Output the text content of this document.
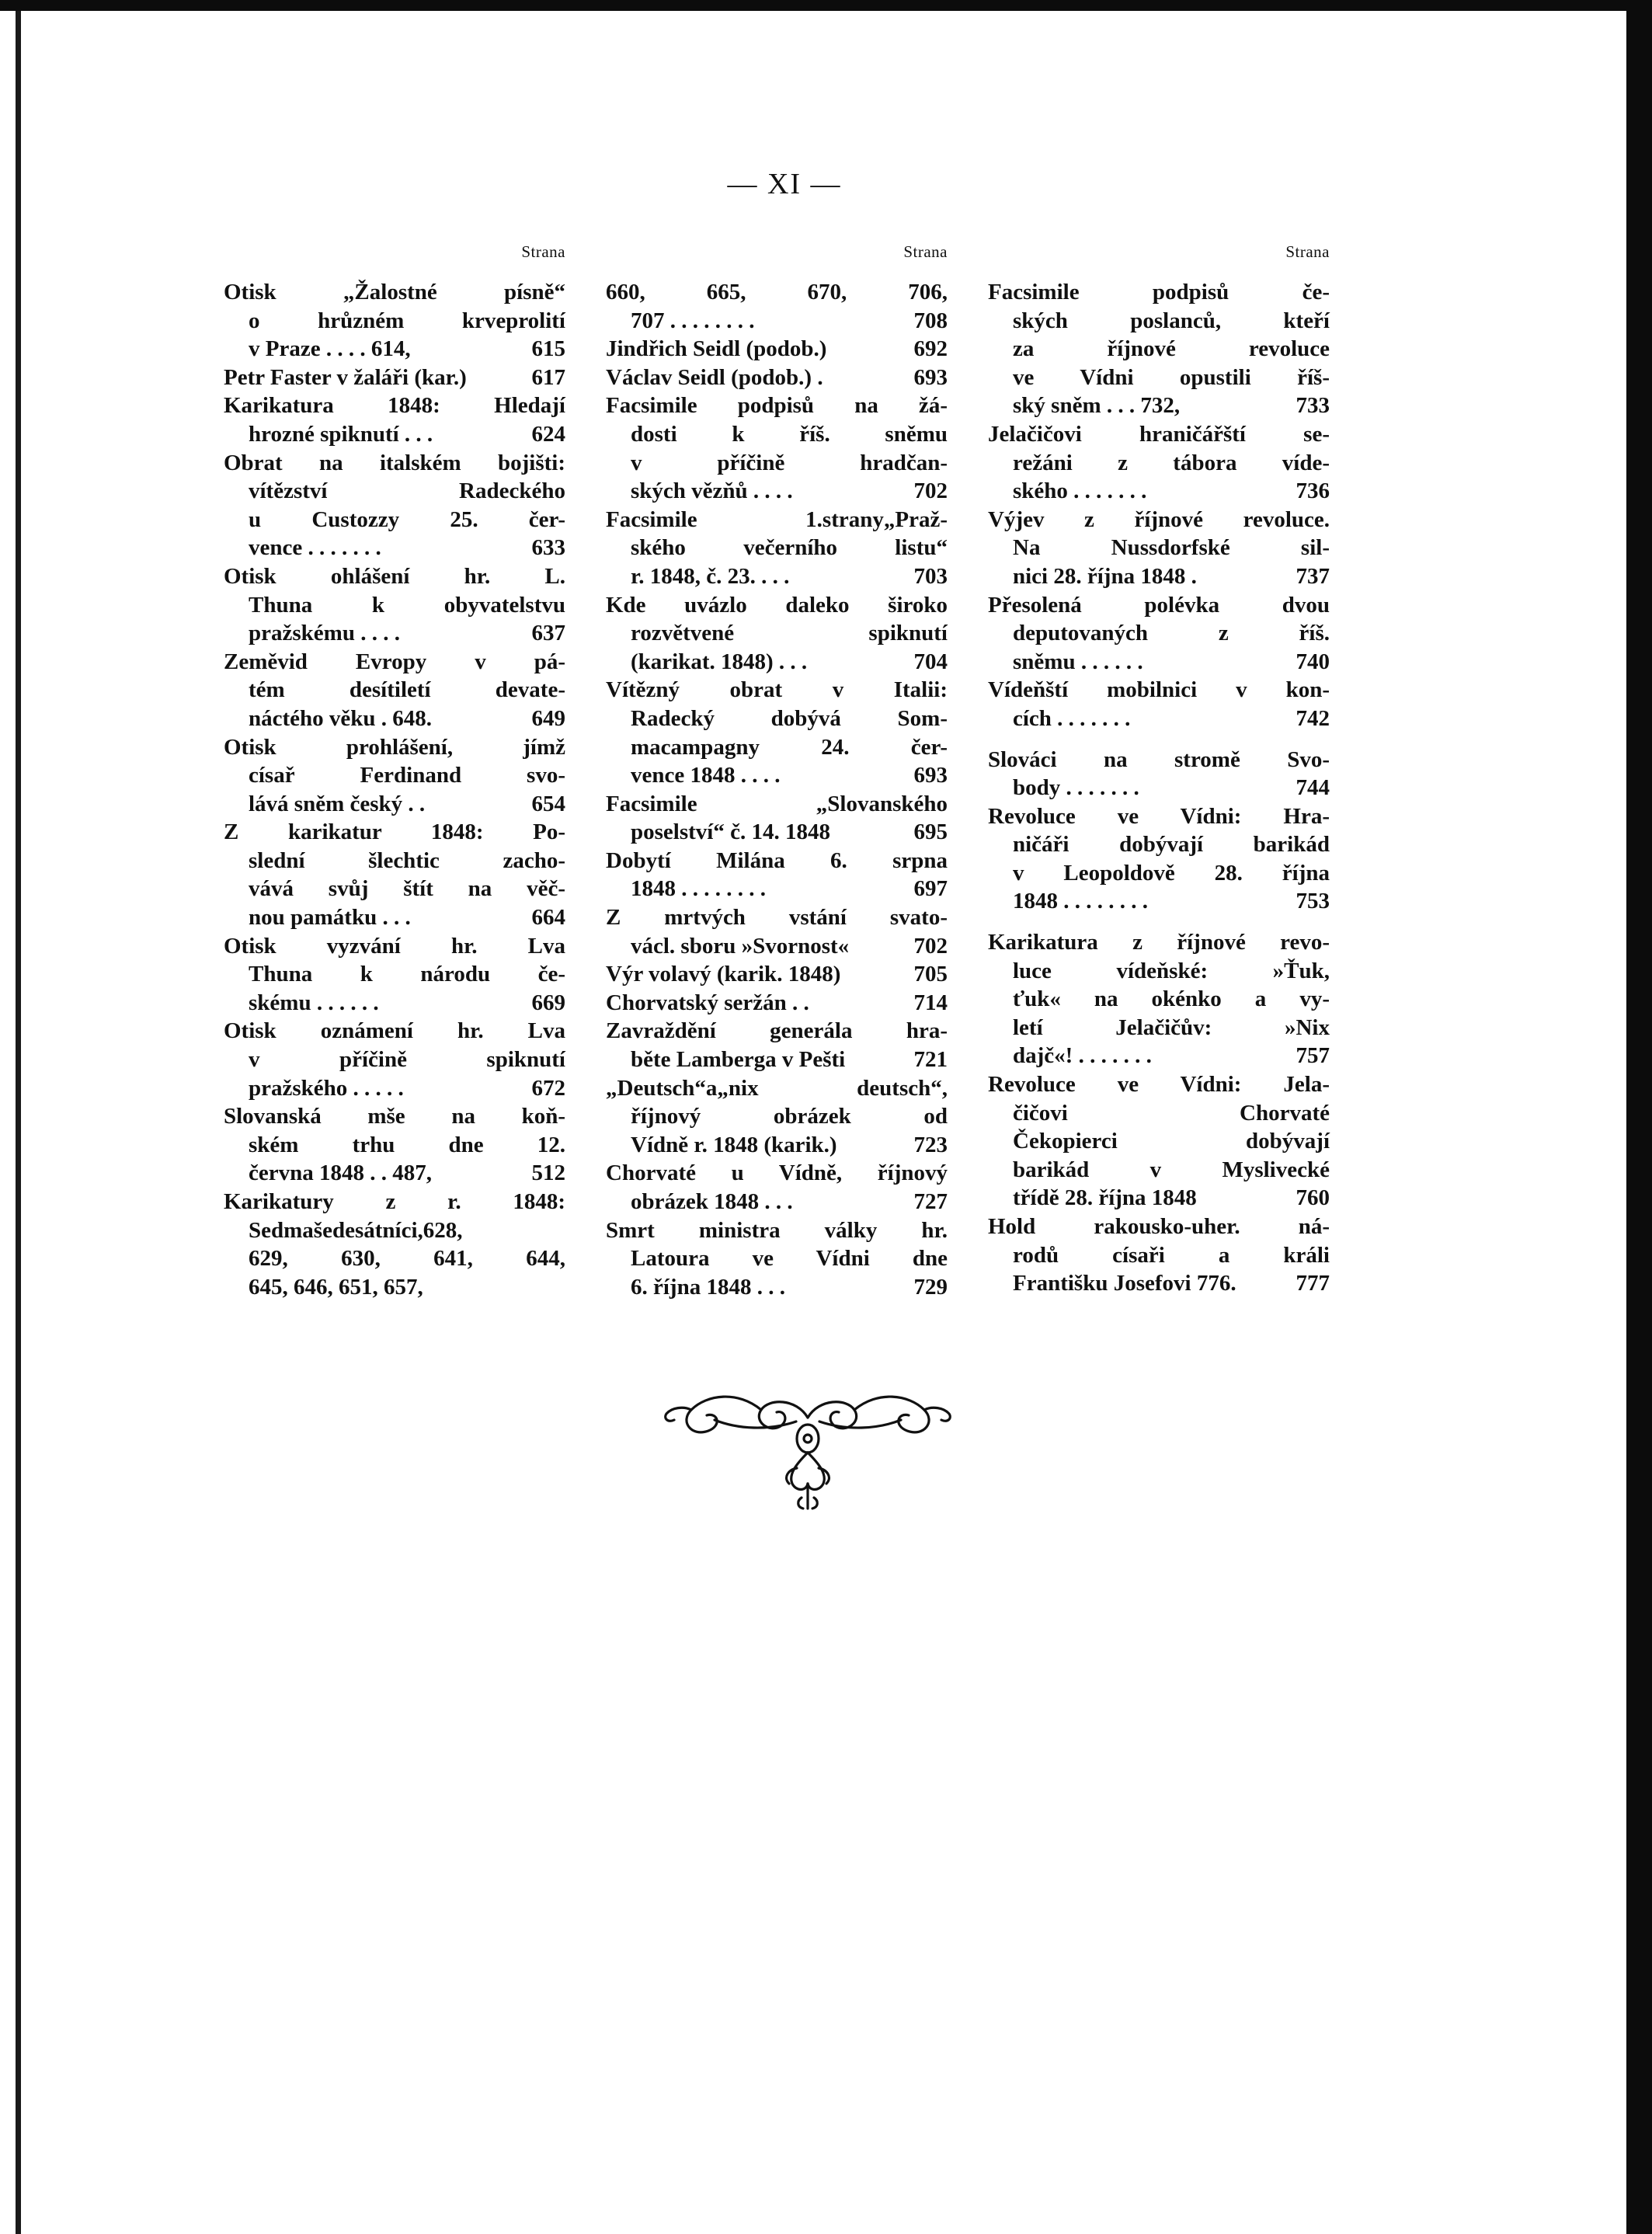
— XI —
Strana
Otisk „Žalostné písně“
o hrůzném krveprolití
v Praze . . . . 614,	615
Petr Faster v žaláři (kar.)	617
Karikatura 1848: Hledají
hrozné spiknutí . . .	624
Obrat na italském bojišti:
vítězství Radeckého
u Custozzy 25. čer-
vence . . . . . . .	633
Otisk ohlášení hr. L.
Thuna k obyvatelstvu
pražskému . . . .	637
Zeměvid Evropy v pá-
tém desítiletí devate-
náctého věku . 648.	649
Otisk prohlášení, jímž
císař Ferdinand svo-
lává sněm český . .	654
Z karikatur 1848: Po-
slední šlechtic zacho-
vává svůj štít na věč-
nou památku . . .	664
Otisk vyzvání hr. Lva
Thuna k národu če-
skému . . . . . .	669
Otisk oznámení hr. Lva
v příčině spiknutí
pražského . . . . .	672
Slovanská mše na koň-
ském trhu dne 12.
června 1848 . . 487,	512
Karikatury z r. 1848:
Sedmašedesátníci,628,
629, 630, 641, 644,
645, 646, 651, 657,
Strana
660, 665, 670, 706,
707 . . . . . . . .	708
Jindřich Seidl (podob.)	692
Václav Seidl (podob.) .	693
Facsimile podpisů na žá-
dosti k říš. sněmu
v příčině hradčan-
ských vězňů . . . .	702
Facsimile 1.strany„Praž-
ského večerního listu“
r. 1848, č. 23. . . .	703
Kde uvázlo daleko široko
rozvětvené spiknutí
(karikat. 1848) . . .	704
Vítězný obrat v Italii:
Radecký dobývá Som-
macampagny 24. čer-
vence 1848 . . . .	693
Facsimile „Slovanského
poselství“ č. 14. 1848	695
Dobytí Milána 6. srpna
1848 . . . . . . . .	697
Z mrtvých vstání svato-
václ. sboru »Svornost«	702
Výr volavý (karik. 1848)	705
Chorvatský seržán . .	714
Zavraždění generála hra-
běte Lamberga v Pešti	721
„Deutsch“a„nix deutsch“,
říjnový obrázek od
Vídně r. 1848 (karik.)	723
Chorvaté u Vídně, říjnový
obrázek 1848 . . .	727
Smrt ministra války hr.
Latoura ve Vídni dne
6. října 1848 . . .	729
Strana
Facsimile podpisů če-
ských poslanců, kteří
za říjnové revoluce
ve Vídni opustili říš-
ský sněm . . . 732,	733
Jelačičovi hraničářští se-
režáni z tábora víde-
ského . . . . . . .	736
Výjev z říjnové revoluce.
Na Nussdorfské sil-
nici 28. října 1848 .	737
Přesolená polévka dvou
deputovaných z říš.
sněmu . . . . . .	740
Vídeňští mobilnici v kon-
cích . . . . . . .	742
Slováci na stromě Svo-
body . . . . . . .	744
Revoluce ve Vídni: Hra-
ničáři dobývají barikád
v Leopoldově 28. října
1848 . . . . . . . .	753
Karikatura z říjnové revo-
luce vídeňské: »Ťuk,
ťuk« na okénko a vy-
letí Jelačičův: »Nix
dajč«! . . . . . . .	757
Revoluce ve Vídni: Jela-
čičovi Chorvaté
Čekopierci dobývají
barikád v Myslivecké
třídě 28. října 1848	760
Hold rakousko-uher. ná-
rodů císaři a králi
Františku Josefovi 776.	777
